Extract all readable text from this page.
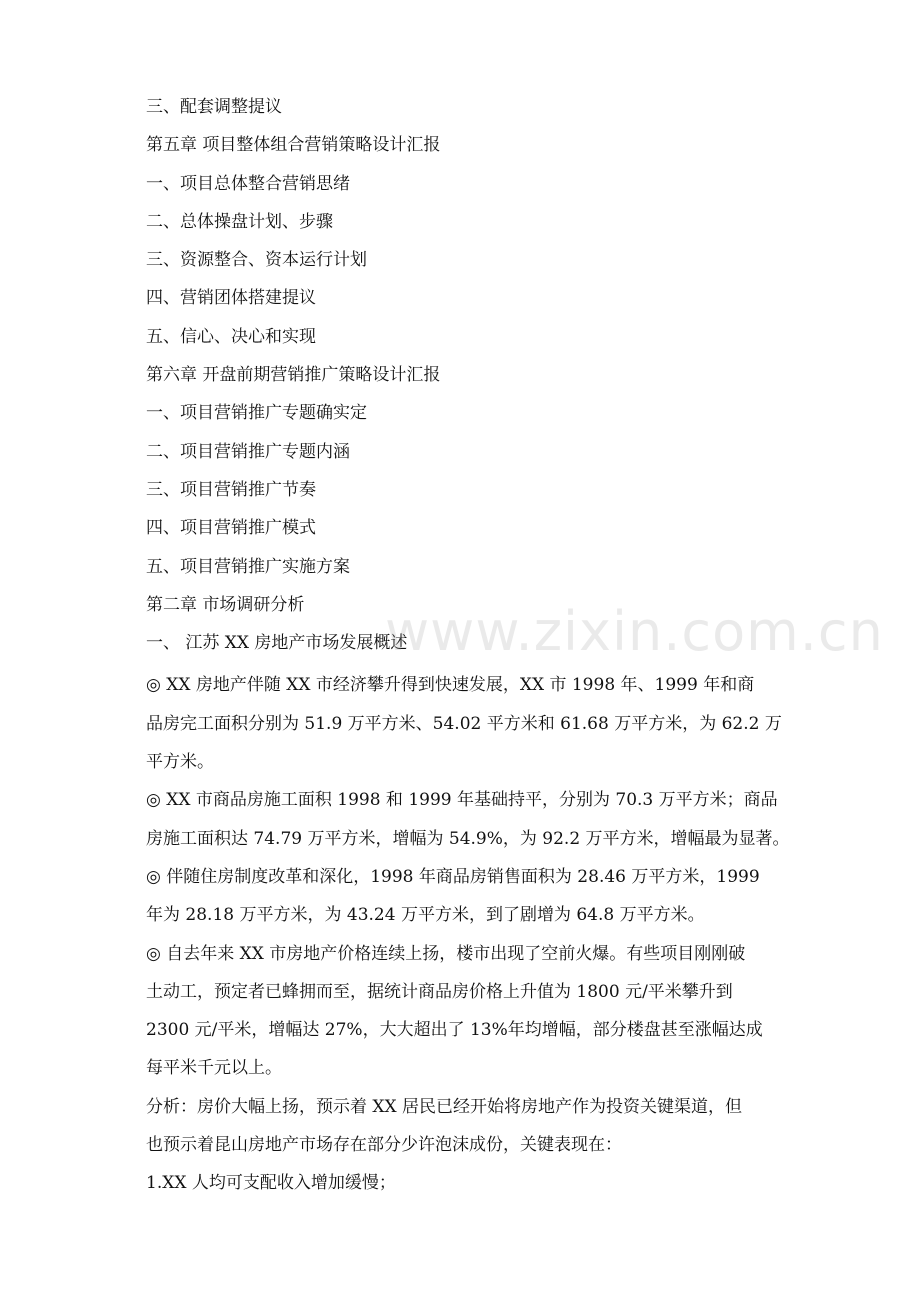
三、配套调整提议
第五章 项目整体组合营销策略设计汇报
一、项目总体整合营销思绪
二、总体操盘计划、步骤
三、资源整合、资本运行计划
四、营销团体搭建提议
五、信心、决心和实现
第六章 开盘前期营销推广策略设计汇报
一、项目营销推广专题确实定
二、项目营销推广专题内涵
三、项目营销推广节奏
四、项目营销推广模式
五、项目营销推广实施方案
第二章 市场调研分析
一、 江苏 XX 房地产市场发展概述
◎ XX 房地产伴随 XX 市经济攀升得到快速发展，XX 市 1998 年、1999 年和商
品房完工面积分别为 51.9 万平方米、54.02 平方米和 61.68 万平方米，为 62.2 万
平方米。
◎ XX 市商品房施工面积 1998 和 1999 年基础持平，分别为 70.3 万平方米；商品
房施工面积达 74.79 万平方米，增幅为 54.9%，为 92.2 万平方米，增幅最为显著。
◎ 伴随住房制度改革和深化，1998 年商品房销售面积为 28.46 万平方米，1999
年为 28.18 万平方米，为 43.24 万平方米，到了剧增为 64.8 万平方米。
◎ 自去年来 XX 市房地产价格连续上扬，楼市出现了空前火爆。有些项目刚刚破
土动工，预定者已蜂拥而至，据统计商品房价格上升值为 1800 元/平米攀升到
2300 元/平米，增幅达 27%，大大超出了 13%年均增幅，部分楼盘甚至涨幅达成
每平米千元以上。
分析：房价大幅上扬，预示着 XX 居民已经开始将房地产作为投资关键渠道，但
也预示着昆山房地产市场存在部分少许泡沫成份，关键表现在：
1.XX 人均可支配收入增加缓慢；
www.zixin.com.cn
